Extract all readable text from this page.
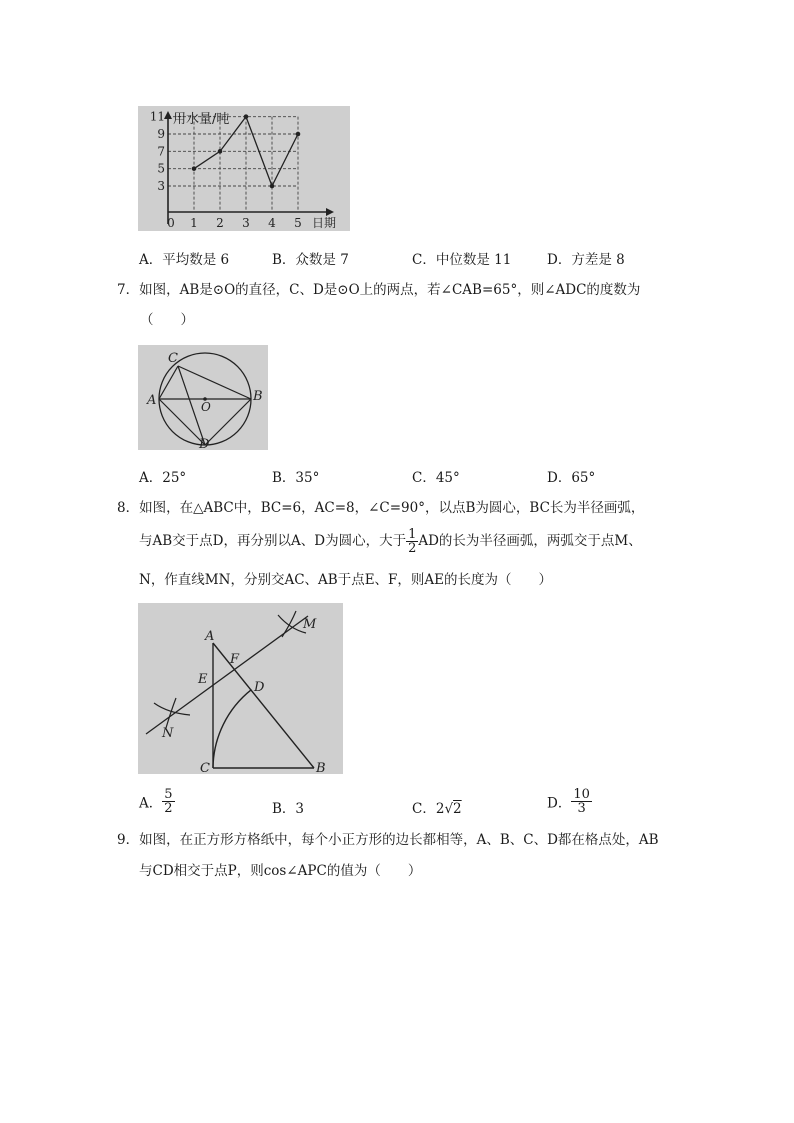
用水量/吨
日期
11
9
7
5
3
0 1 2 3 4 5
A．平均数是 6	B．众数是 7	C．中位数是 11	D．方差是 8
7．如图，AB是⊙O的直径，C、D是⊙O上的两点，若∠CAB=65°，则∠ADC的度数为
（　　）
C
A	B
O
D
A．25°	B．35°	C．45°	D．65°
8．如图，在△ABC中，BC=6，AC=8，∠C=90°，以点B为圆心，BC长为半径画弧，
与AB交于点D，再分别以A、D为圆心，大于 $\frac{1}{2}$ AD的长为半径画弧，两弧交于点M、
N，作直线MN，分别交AC、AB于点E、F，则AE的长度为（　　）
A
F
E
D
M
N
C	B
A． $\frac{5}{2}$	B．3	C．2√2	D． $\frac{10}{3}$
9．如图，在正方形方格纸中，每个小正方形的边长都相等，A、B、C、D都在格点处，AB
与CD相交于点P，则cos∠APC的值为（　　）
